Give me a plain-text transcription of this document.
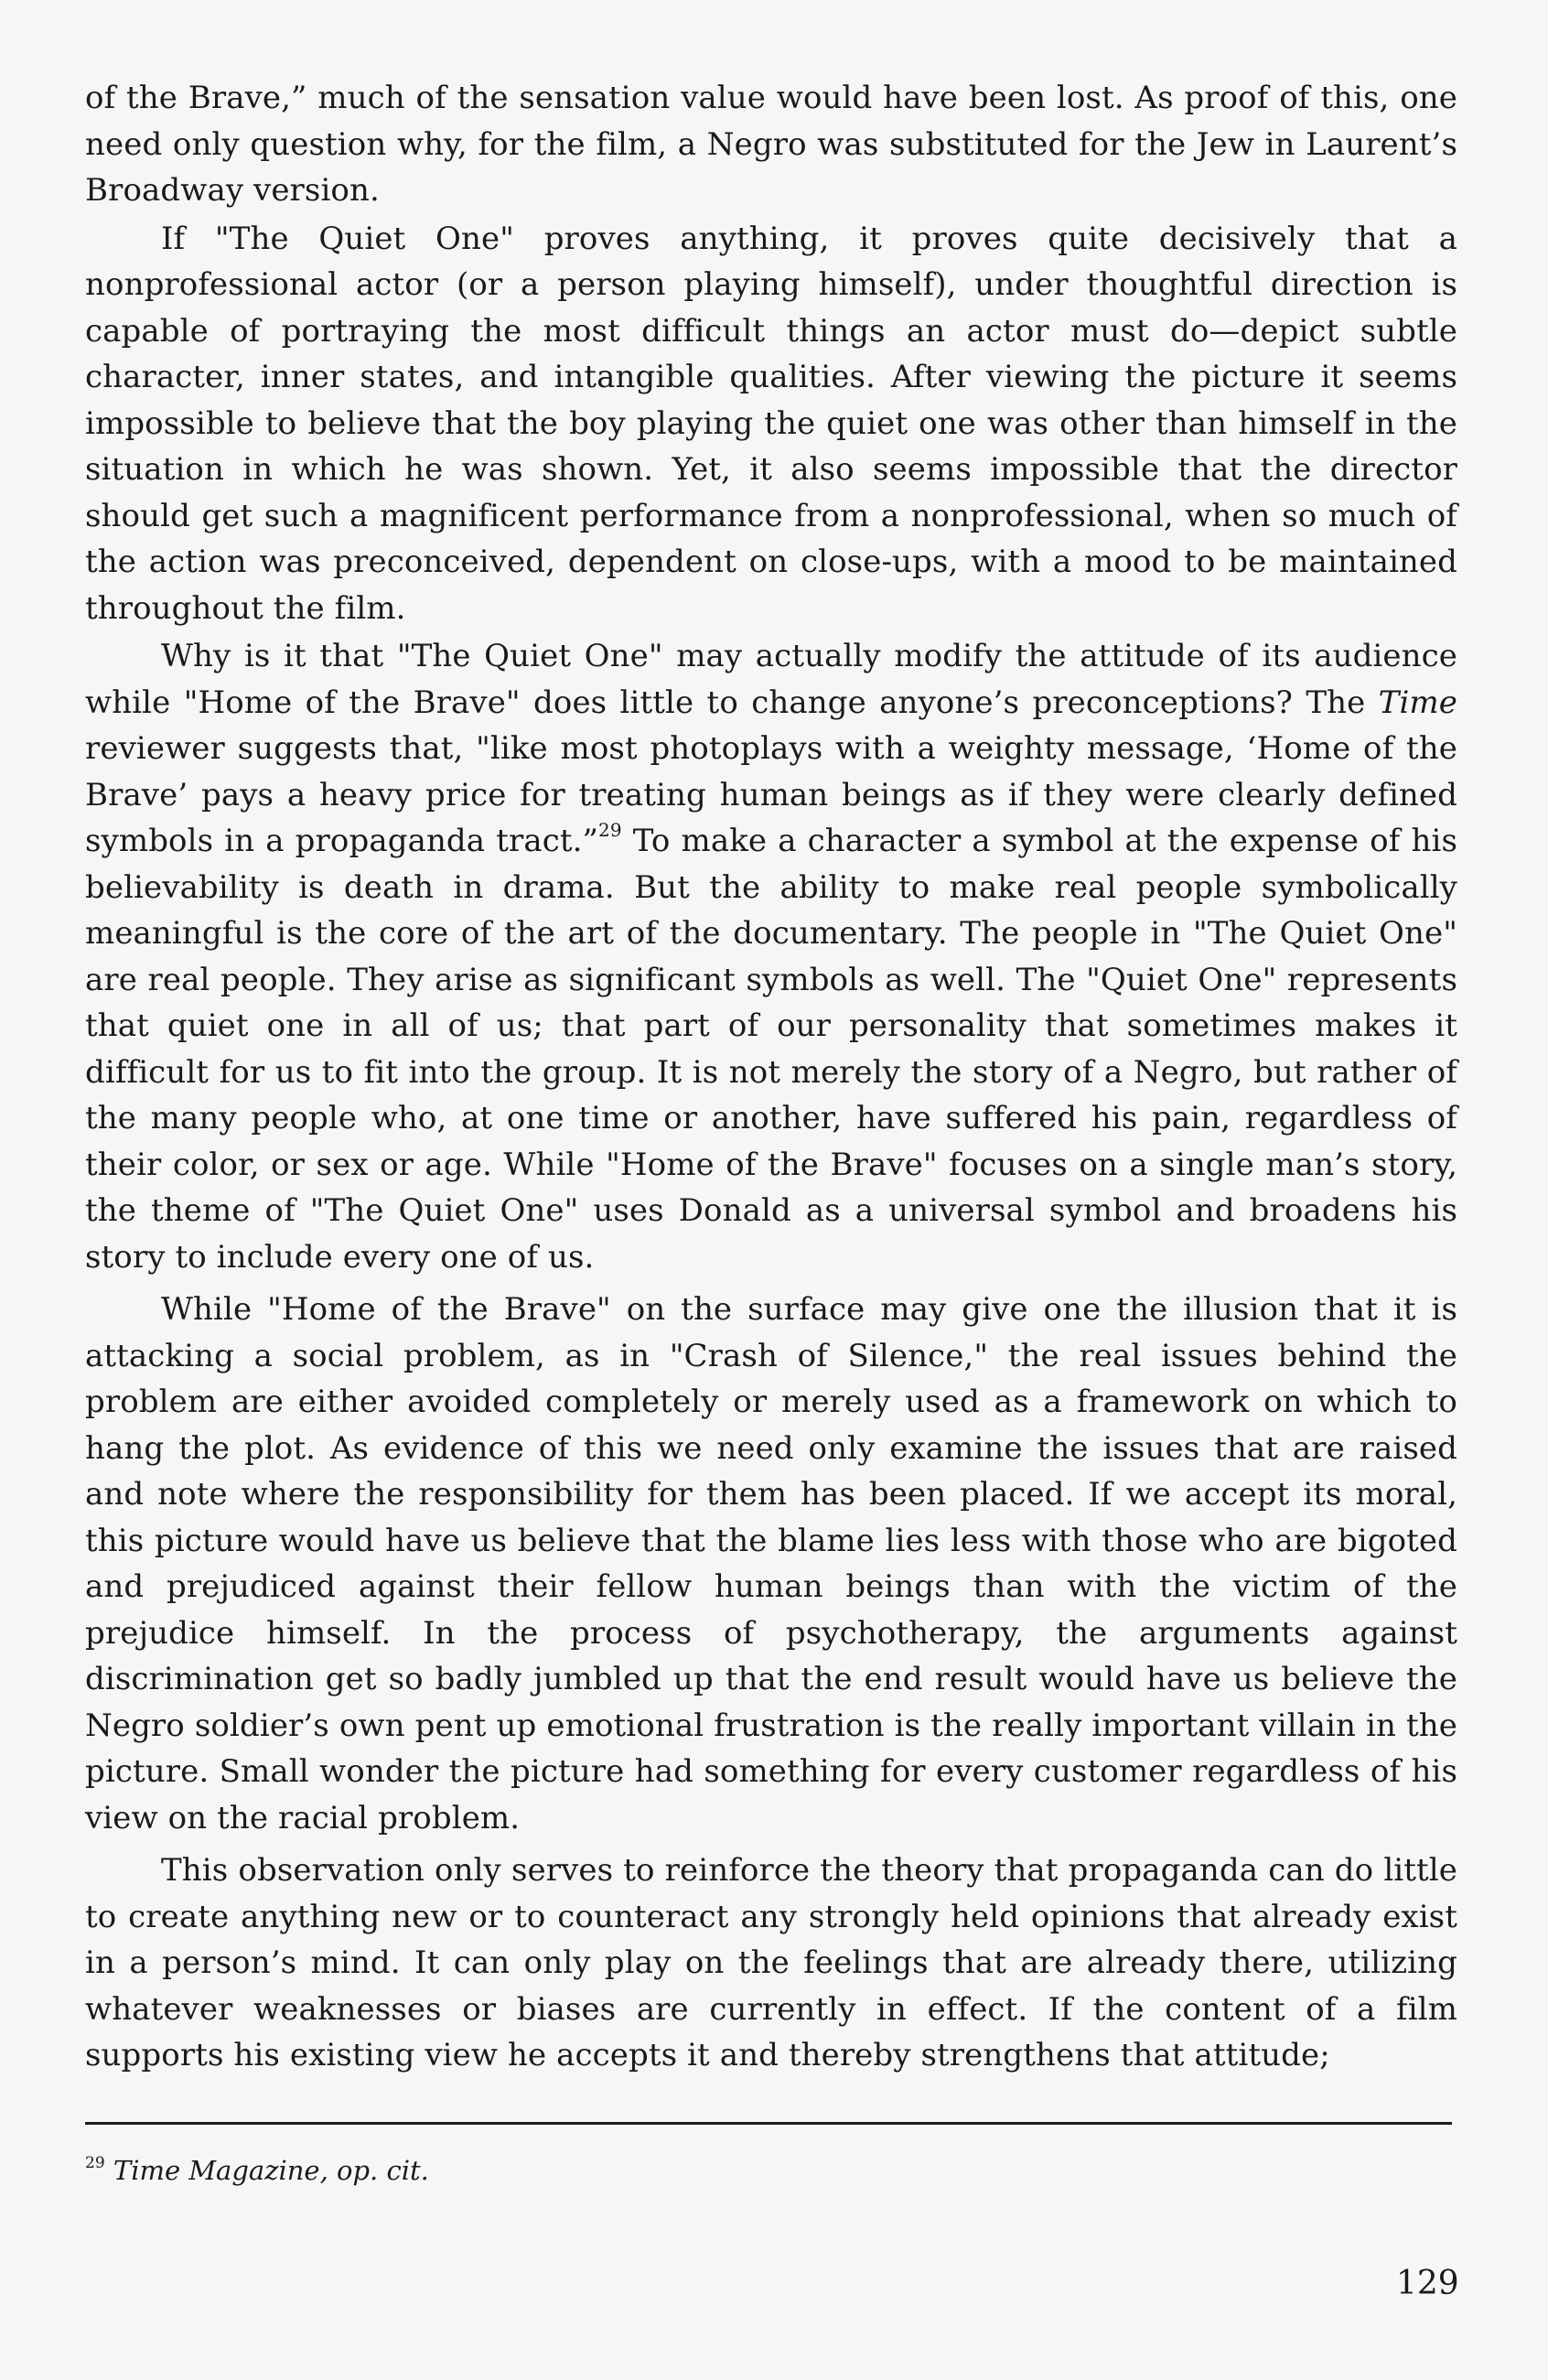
of the Brave,” much of the sensation value would have been lost. As proof of this, one need only question why, for the film, a Negro was substituted for the Jew in Laurent’s Broadway version.

If "The Quiet One" proves anything, it proves quite decisively that a nonprofessional actor (or a person playing himself), under thoughtful direction is capable of portraying the most difficult things an actor must do—depict subtle character, inner states, and intangible qualities. After viewing the picture it seems impossible to believe that the boy playing the quiet one was other than himself in the situation in which he was shown. Yet, it also seems impossible that the director should get such a magnificent performance from a nonprofessional, when so much of the action was preconceived, dependent on close-ups, with a mood to be maintained throughout the film.

Why is it that "The Quiet One" may actually modify the attitude of its audience while "Home of the Brave" does little to change anyone’s preconceptions? The Time reviewer suggests that, "like most photoplays with a weighty message, ‘Home of the Brave’ pays a heavy price for treating human beings as if they were clearly defined symbols in a propaganda tract.”$^{29}$ To make a character a symbol at the expense of his believability is death in drama. But the ability to make real people symbolically meaningful is the core of the art of the documentary. The people in "The Quiet One" are real people. They arise as significant symbols as well. The "Quiet One" represents that quiet one in all of us; that part of our personality that sometimes makes it difficult for us to fit into the group. It is not merely the story of a Negro, but rather of the many people who, at one time or another, have suffered his pain, regardless of their color, or sex or age. While "Home of the Brave" focuses on a single man’s story, the theme of "The Quiet One" uses Donald as a universal symbol and broadens his story to include every one of us.

While "Home of the Brave" on the surface may give one the illusion that it is attacking a social problem, as in "Crash of Silence," the real issues behind the problem are either avoided completely or merely used as a framework on which to hang the plot. As evidence of this we need only examine the issues that are raised and note where the responsibility for them has been placed. If we accept its moral, this picture would have us believe that the blame lies less with those who are bigoted and prejudiced against their fellow human beings than with the victim of the prejudice himself. In the process of psychotherapy, the arguments against discrimination get so badly jumbled up that the end result would have us believe the Negro soldier’s own pent up emotional frustration is the really important villain in the picture. Small wonder the picture had something for every customer regardless of his view on the racial problem.

This observation only serves to reinforce the theory that propaganda can do little to create anything new or to counteract any strongly held opinions that already exist in a person’s mind. It can only play on the feelings that are already there, utilizing whatever weaknesses or biases are currently in effect. If the content of a film supports his existing view he accepts it and thereby strengthens that attitude;

$^{29}$ Time Magazine, op. cit.
129
